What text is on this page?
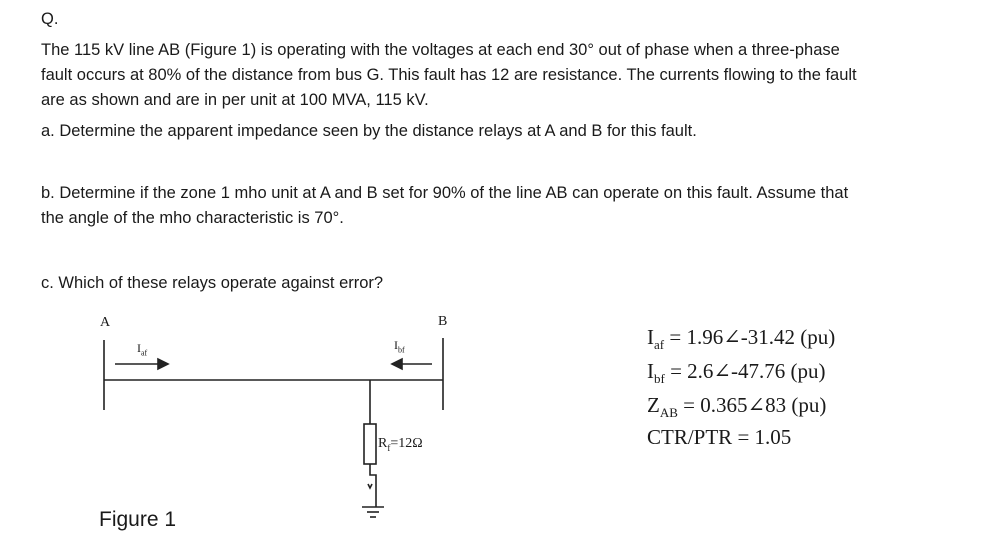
Q.
The 115 kV line AB (Figure 1) is operating with the voltages at each end 30° out of phase when a three-phase
fault occurs at 80% of the distance from bus G. This fault has 12 are resistance. The currents flowing to the fault
are as shown and are in per unit at 100 MVA, 115 kV.
a. Determine the apparent impedance seen by the distance relays at A and B for this fault.
b. Determine if the zone 1 mho unit at A and B set for 90% of the line AB can operate on this fault. Assume that
the angle of the mho characteristic is 70°.
c. Which of these relays operate against error?
A	B
$I_{af}$
$I_{bf}$
$R_f=12\Omega$
Figure 1
$I_{af}$ = 1.96∠-31.42 (pu)
$I_{bf}$ = 2.6∠-47.76 (pu)
$Z_{AB}$ = 0.365∠83 (pu)
CTR/PTR = 1.05
